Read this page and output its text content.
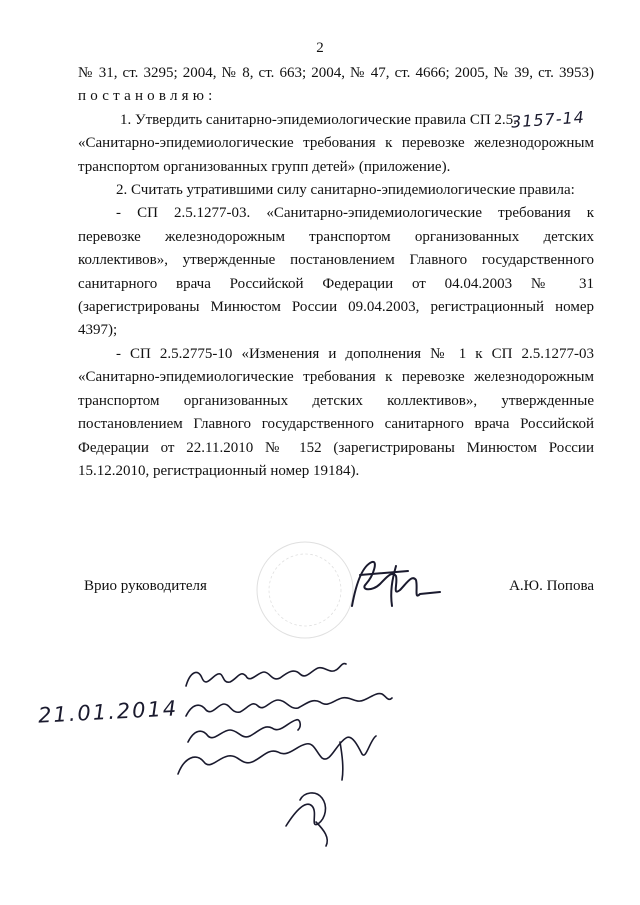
2
№ 31, ст. 3295; 2004, № 8, ст. 663; 2004, № 47, ст. 4666; 2005, № 39, ст. 3953)
постановляю:
1. Утвердить санитарно-эпидемиологические правила СП 2.5.
«Санитарно-эпидемиологические требования к перевозке железнодорожным
транспортом организованных групп детей» (приложение).
2. Считать утратившими силу санитарно-эпидемиологические правила:
- СП 2.5.1277-03. «Санитарно-эпидемиологические требования к
перевозке железнодорожным транспортом организованных детских
коллективов», утвержденные постановлением Главного государственного
санитарного врача Российской Федерации от 04.04.2003 № 31
(зарегистрированы Минюстом России 09.04.2003, регистрационный номер
4397);
- СП 2.5.2775-10 «Изменения и дополнения № 1 к СП 2.5.1277-03
«Санитарно-эпидемиологические требования к перевозке железнодорожным
транспортом организованных детских коллективов», утвержденные
постановлением Главного государственного санитарного врача Российской
Федерации от 22.11.2010 № 152 (зарегистрированы Минюстом России
15.12.2010, регистрационный номер 19184).
3157-14
Врио руководителя	А.Ю. Попова
21.01.2014
